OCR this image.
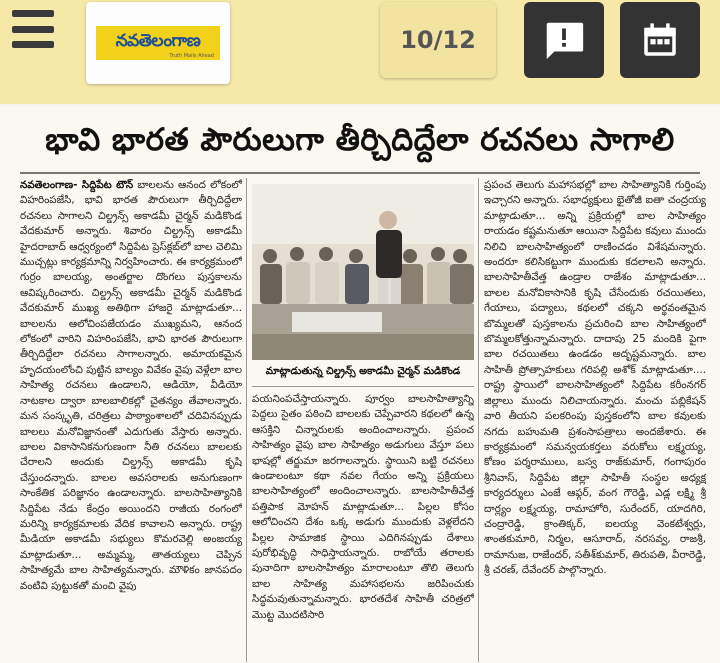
నవతెలంగాణ
Truth Mails Ahead
10/12
భావి భారత పౌరులుగా తీర్చిదిద్దేలా రచనలు సాగాలి
నవతెలంగాణ- సిద్దిపేట టౌన్ బాలలను ఆనంద లోకంలో విహరింపజేసి, భావి భారత పౌరులుగా తీర్చిదిద్దేలా రచనలు సాగాలని చిల్డ్రన్స్ అకాడమీ చైర్మన్ మడికొండ వేదకుమార్ అన్నారు. శివారం చిల్డ్రన్స్ అకాడమీ హైదరాబాద్ ఆధ్వర్యంలో సిద్దిపేట ప్రెస్‌క్లబ్‌లో బాల చెలిమి ముచ్చట్లు కార్యక్రమాన్ని నిర్వహించారు. ఈ కార్యక్రమంలో గుర్రం బాలయ్య, అంతర్జాల దొంగలు పుస్తకాలను ఆవిష్కరించారు. చిల్డ్రన్స్ అకాడమీ చైర్మన్ మడికొండ వేదకుమార్ ముఖ్య అతిథిగా హాజరై మాట్లాడుతూ... బాలలను ఆలోచింపజేయడం ముఖ్యమని, ఆనంద లోకంలో వారిని విహరింపజేసి, భావి భారత పౌరులుగా తీర్చిదిద్దేలా రచనలు సాగాలన్నారు. అమాయకమైన హృదయంలోంచి పుట్టిన బాల్యం వివేకం వైపు వెళ్లేలా బాల సాహిత్య రచనలు ఉండాలని, ఆడియో, వీడియో నాటకాల ద్వారా బాలబాలికల్లో చైతన్యం తేవాలన్నారు. మన సంస్కృతి, చరిత్రలు పాఠ్యాంశాలలో చదివినప్పుడు బాలలు మనోవిజ్ఞానంతో ఎదుగుతు వేస్తారు అన్నారు. బాలల వికాసానికనుగుణంగా నీతి రచనలు బాలలకు చేరాలని అందుకు చిల్డ్రన్స్ అకాడమీ కృషి చేస్తుందన్నారు. బాలల అవసరాలకు అనుగుణంగా సాంకేతిక పరిజ్ఞానం ఉండాలన్నారు. బాలసాహిత్యానికి సిద్దిపేట నేడు కేంద్రం అయిందని రాజీయ రంగంలో మరిన్ని కార్యక్రమాలకు వేదిక కావాలని అన్నారు. రాష్ట్ర మీడియా అకాడమీ సభ్యులు కొమరవెల్లి అంజయ్య మాట్లాడుతూ... అమ్మమ్మ, తాతయ్యలు చెప్పిన సాహిత్యమే బాల సాహిత్యమన్నారు. మౌళికం జానపదం వంటివి పుట్టుకతో మంచి వైపు
మాట్లాడుతున్న చిల్డ్రన్స్ అకాడమీ చైర్మన్ మడికొండ
పయనింపచేస్తాయన్నారు. పూర్వం బాలసాహిత్యాన్ని పెద్దలు సైతం పఠించి బాలలకు చెప్పేవారని కథలలో ఉన్న ఆసక్తిని చిన్నారులకు అందించాలన్నారు. ప్రపంచ సాహిత్యం వైపు బాల సాహిత్యం అడుగులు వేస్తూ పలు భాషల్లో తర్జుమా జరగాలన్నారు. స్థాయిని బట్టి రచనలు ఉండాలంటూ కథా నవల గేయం అన్ని ప్రక్రియలు బాలసాహిత్యంలో అందించాలన్నారు. బాలసాహితీవేత్త పత్తిపాక మోహన్ మాట్లాడుతూ... పిల్లల కోసం ఆలోచించని దేశం ఒక్క అడుగు ముందుకు వెళ్లలేదని పిల్లల సామాజిక స్థాయి ఎదిగినప్పుడు దేశాలు పురోభివృద్ధి సాధిస్తాయన్నారు. రాబోయే తరాలకు పునాదిగా బాలసాహిత్యం మారాలంటూ తొలి తెలుగు బాల సాహిత్య మహాసభలను జరిపించుకు సిద్ధమవుతున్నామన్నారు. భారతదేశ సాహితీ చరిత్రలో మొట్ట మొదటిసారి
ప్రపంచ తెలుగు మహాసభల్లో బాల సాహిత్యానికి గుర్తింపు ఇచ్చారని అన్నారు. సభాధ్యక్షులు భైతోజీ ఐతా చంద్రయ్య మాట్లాడుతూ... అన్ని ప్రక్రియల్లో బాల సాహిత్యం రాయడం కష్టమనుతూ ఆయినా సిద్దిపేట కవులు ముందు నిలిచి బాలసాహిత్యంలో రాణించడం విశేషమన్నారు. అందరూ కలిసికట్టుగా ముందుకు కదలాలని అన్నారు. బాలసాహితీవేత్త ఉండ్రాల రాజేశం మాట్లాడుతూ... బాలల మనోవికాసానికి కృషి చేసేందుకు రచయితలు, గేయాలు, పద్యాలు, కథలలో చక్కని అర్థవంతమైన బొమ్మలతో పుస్తకాలను ప్రచురించి బాల సాహిత్యంలో బొమ్మలకోత్తున్నామన్నారు. దాదాపు 25 మందికి పైగా బాల రచయితలు ఉండడం అదృష్టమన్నారు. బాల సాహితీ ప్రోత్సాహకులు గరిపల్లి అశోక్ మాట్లాడుతూ.... రాష్ట్ర స్థాయిలో బాలసాహిత్యంలో సిద్దిపేట కరీంనగర్ జిల్లాలు ముందు నిలిచాయన్నారు. మంచు పబ్లికేషన్ వారి తీయని పలకరింపు పుస్తకంలోని బాల కవులకు నగదు బహుమతి ప్రశంసాపత్రాలు అందజేశారు. ఈ కార్యక్రమంలో సమన్వయకర్తలు వరుకోలు లక్ష్మయ్య, కోణం పర్శరాములు, బస్వ రాజ్‌కుమార్, గంగాపురం శ్రీనివాస్, సిద్దిపేట జిల్లా సాహితీ సంస్థల అధ్యక్ష కార్యదర్శులు ఎంజే ఆఫ్గర్, వంగ గౌరెడ్డి, ఎడ్ల లక్ష్మి శ్రీ దార్ల్యం లక్ష్మయ్య, రామాహోరి, సురేందర్, యాదగిరి, చంద్రారెడ్డి, క్రాంతిక్కర్, ఐలయ్య వెంకటేశ్వర్లు, శాంతకుమారి, నిర్మల, ఆసూరాద్, నరసవ్వ, రాజశ్రీ, రామానుజ, రాజేందర్, సతీశ్‌కుమార్, తిరుపతి, వీరారెడ్డి, శ్రీ చరణ్, దేవేందర్ పాల్గొన్నారు.
